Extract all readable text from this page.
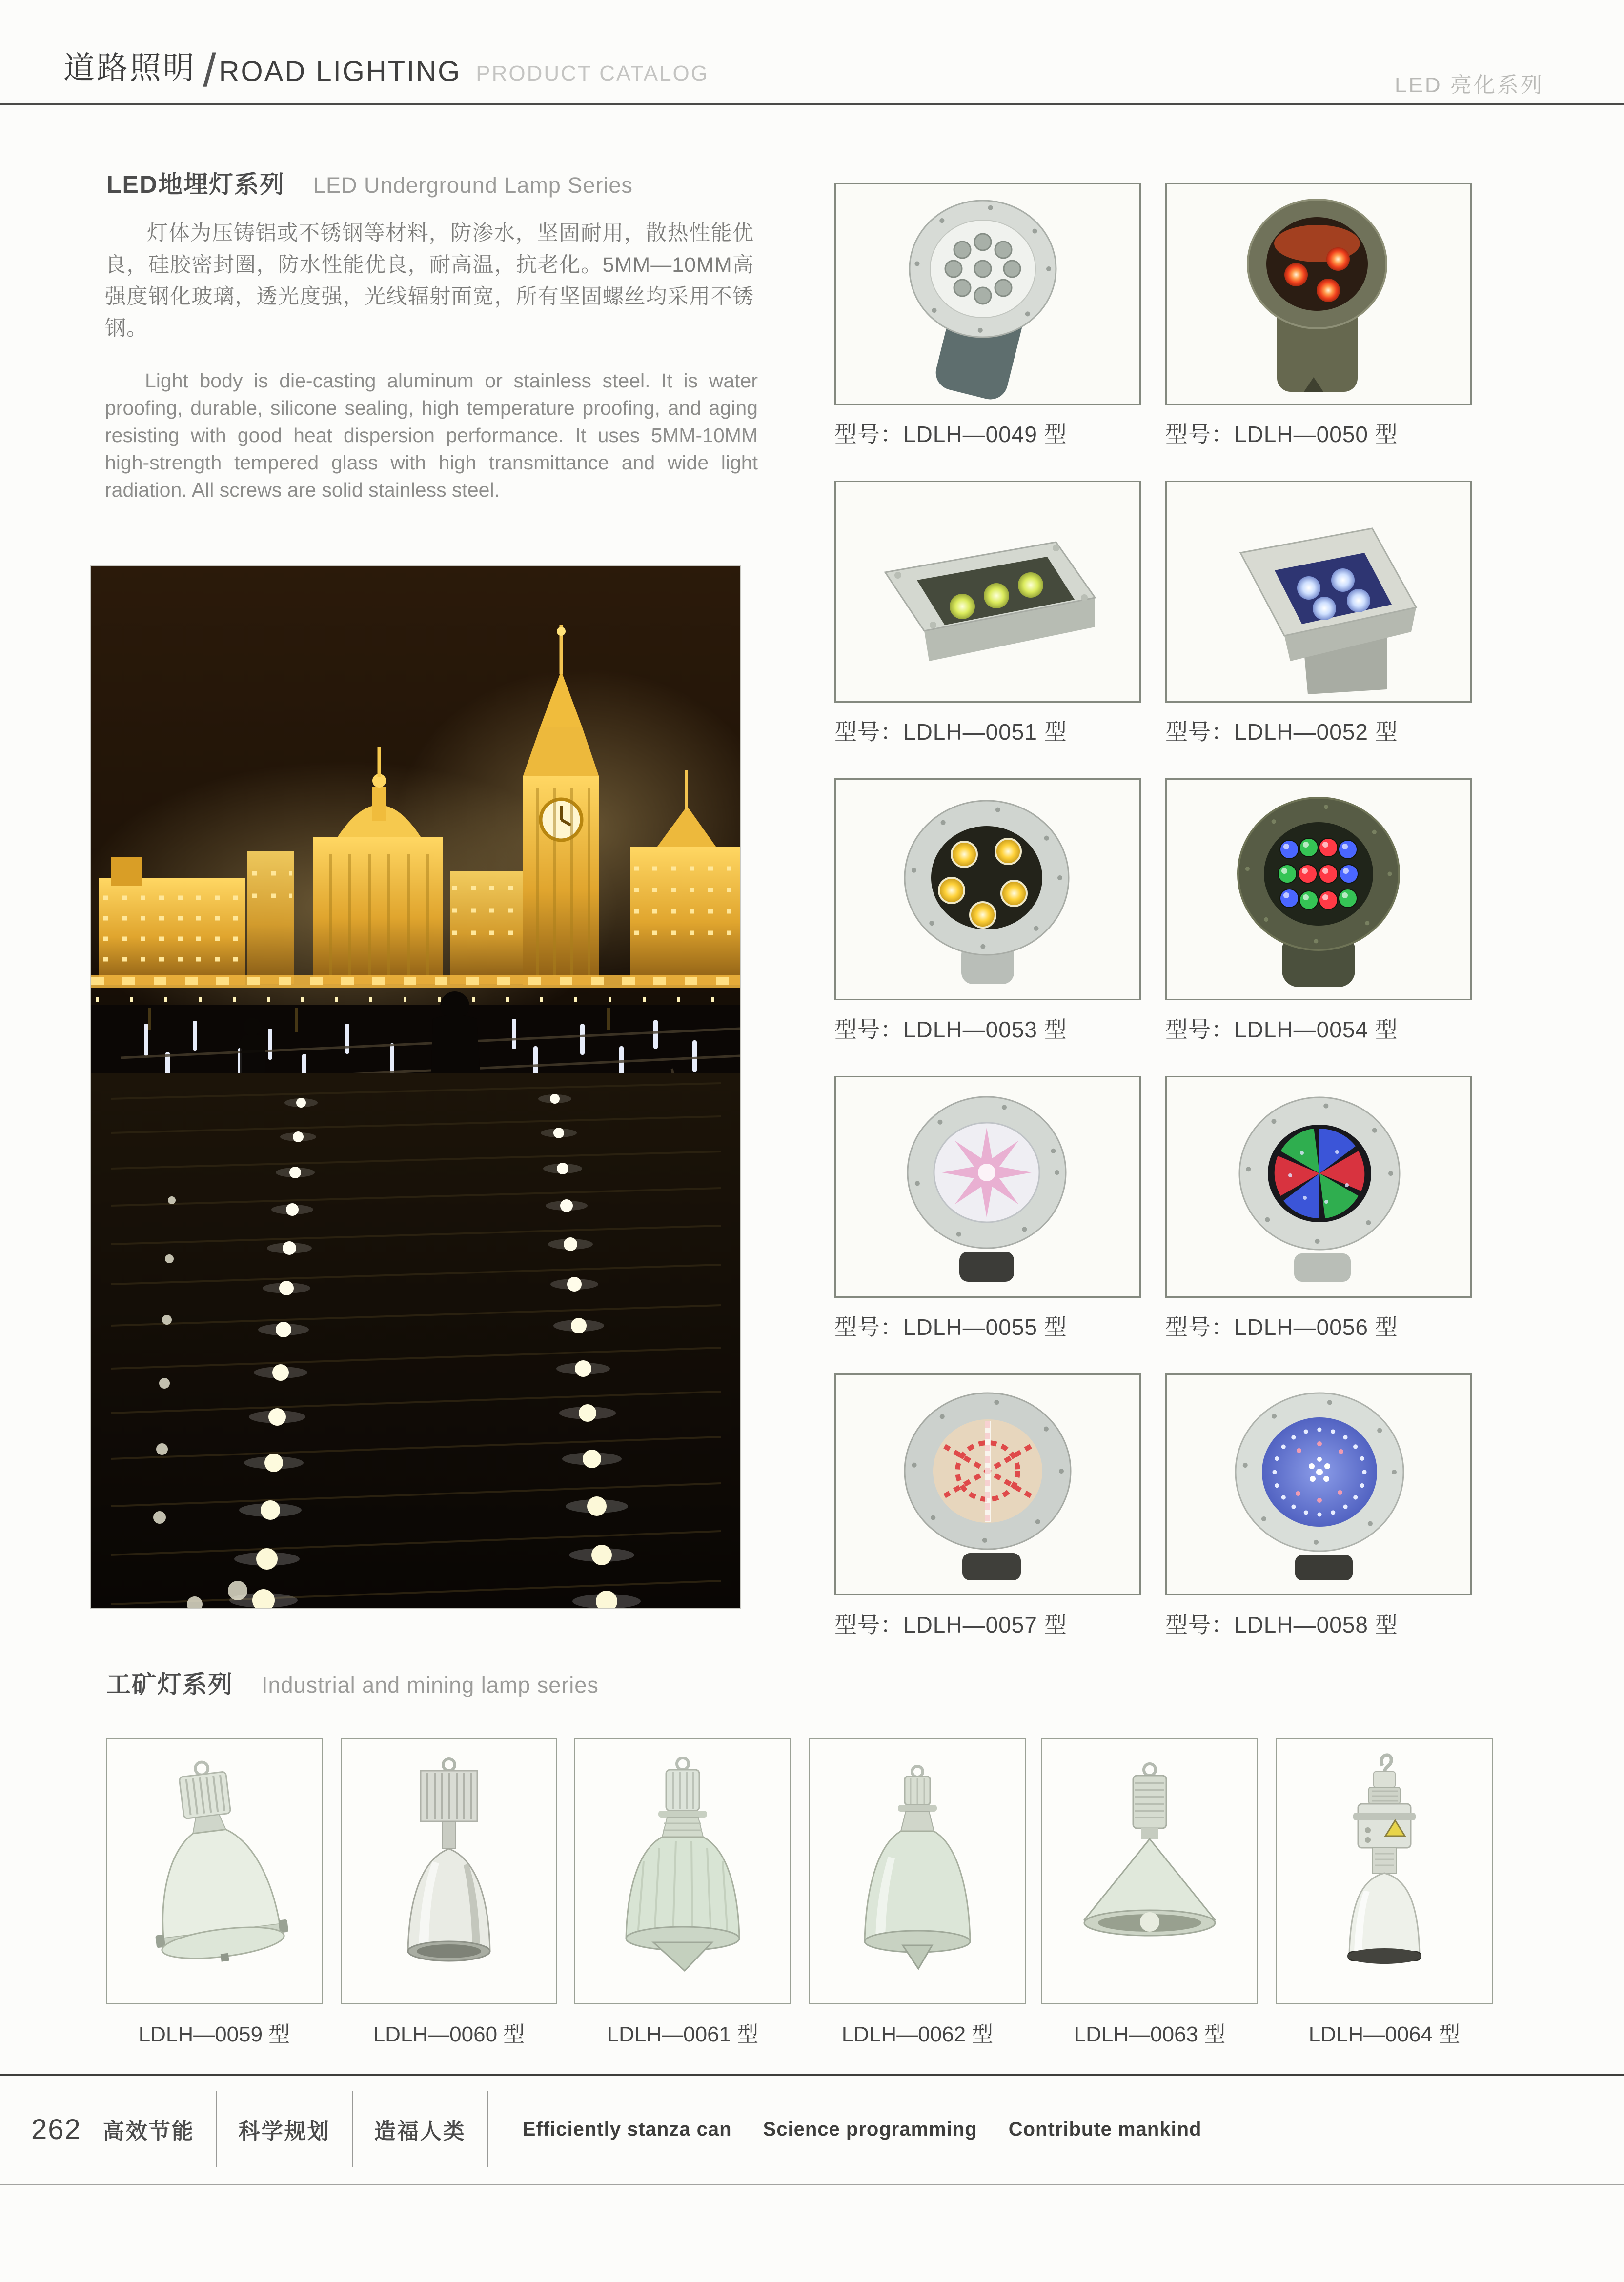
道路照明 / ROAD LIGHTING PRODUCT CATALOG	LED 亮化系列
LED地埋灯系列 LED Underground Lamp Series
灯体为压铸铝或不锈钢等材料，防渗水，坚固耐用，散热性能优良，硅胶密封圈，防水性能优良，耐高温，抗老化。5MM—10MM高强度钢化玻璃，透光度强，光线辐射面宽，所有坚固螺丝均采用不锈钢。
Light body is die-casting aluminum or stainless steel. It is water proofing, durable, silicone sealing, high temperature proofing, and aging resisting with good heat dispersion performance. It uses 5MM-10MM high-strength tempered glass with high transmittance and wide light radiation. All screws are solid stainless steel.
型号：LDLH—0049 型	型号：LDLH—0050 型
型号：LDLH—0051 型	型号：LDLH—0052 型
型号：LDLH—0053 型	型号：LDLH—0054 型
型号：LDLH—0055 型	型号：LDLH—0056 型
型号：LDLH—0057 型	型号：LDLH—0058 型
工矿灯系列 Industrial and mining lamp series
LDLH—0059 型	LDLH—0060 型	LDLH—0061 型	LDLH—0062 型	LDLH—0063 型	LDLH—0064 型
262	高效节能	科学规划	造福人类	Efficiently stanza can Science programming Contribute mankind
